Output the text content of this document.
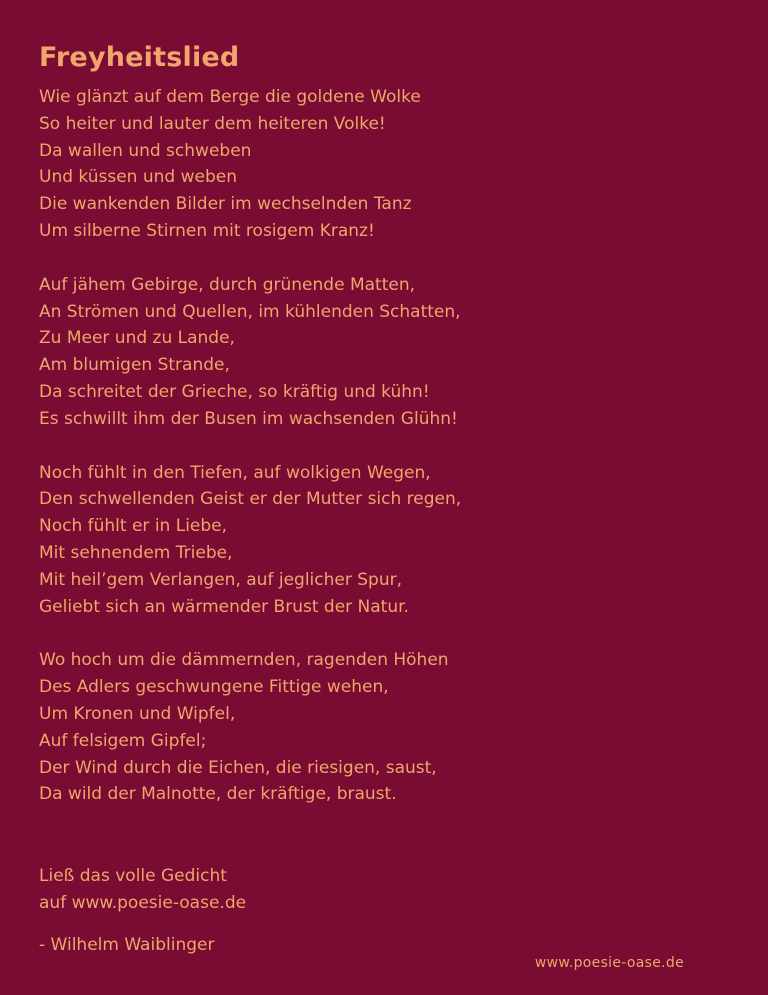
Freyheitslied
Wie glänzt auf dem Berge die goldene Wolke
So heiter und lauter dem heiteren Volke!
Da wallen und schweben
Und küssen und weben
Die wankenden Bilder im wechselnden Tanz
Um silberne Stirnen mit rosigem Kranz!
Auf jähem Gebirge, durch grünende Matten,
An Strömen und Quellen, im kühlenden Schatten,
Zu Meer und zu Lande,
Am blumigen Strande,
Da schreitet der Grieche, so kräftig und kühn!
Es schwillt ihm der Busen im wachsenden Glühn!
Noch fühlt in den Tiefen, auf wolkigen Wegen,
Den schwellenden Geist er der Mutter sich regen,
Noch fühlt er in Liebe,
Mit sehnendem Triebe,
Mit heil’gem Verlangen, auf jeglicher Spur,
Geliebt sich an wärmender Brust der Natur.
Wo hoch um die dämmernden, ragenden Höhen
Des Adlers geschwungene Fittige wehen,
Um Kronen und Wipfel,
Auf felsigem Gipfel;
Der Wind durch die Eichen, die riesigen, saust,
Da wild der Malnotte, der kräftige, braust.
Ließ das volle Gedicht
auf www.poesie-oase.de
- Wilhelm Waiblinger
www.poesie-oase.de
